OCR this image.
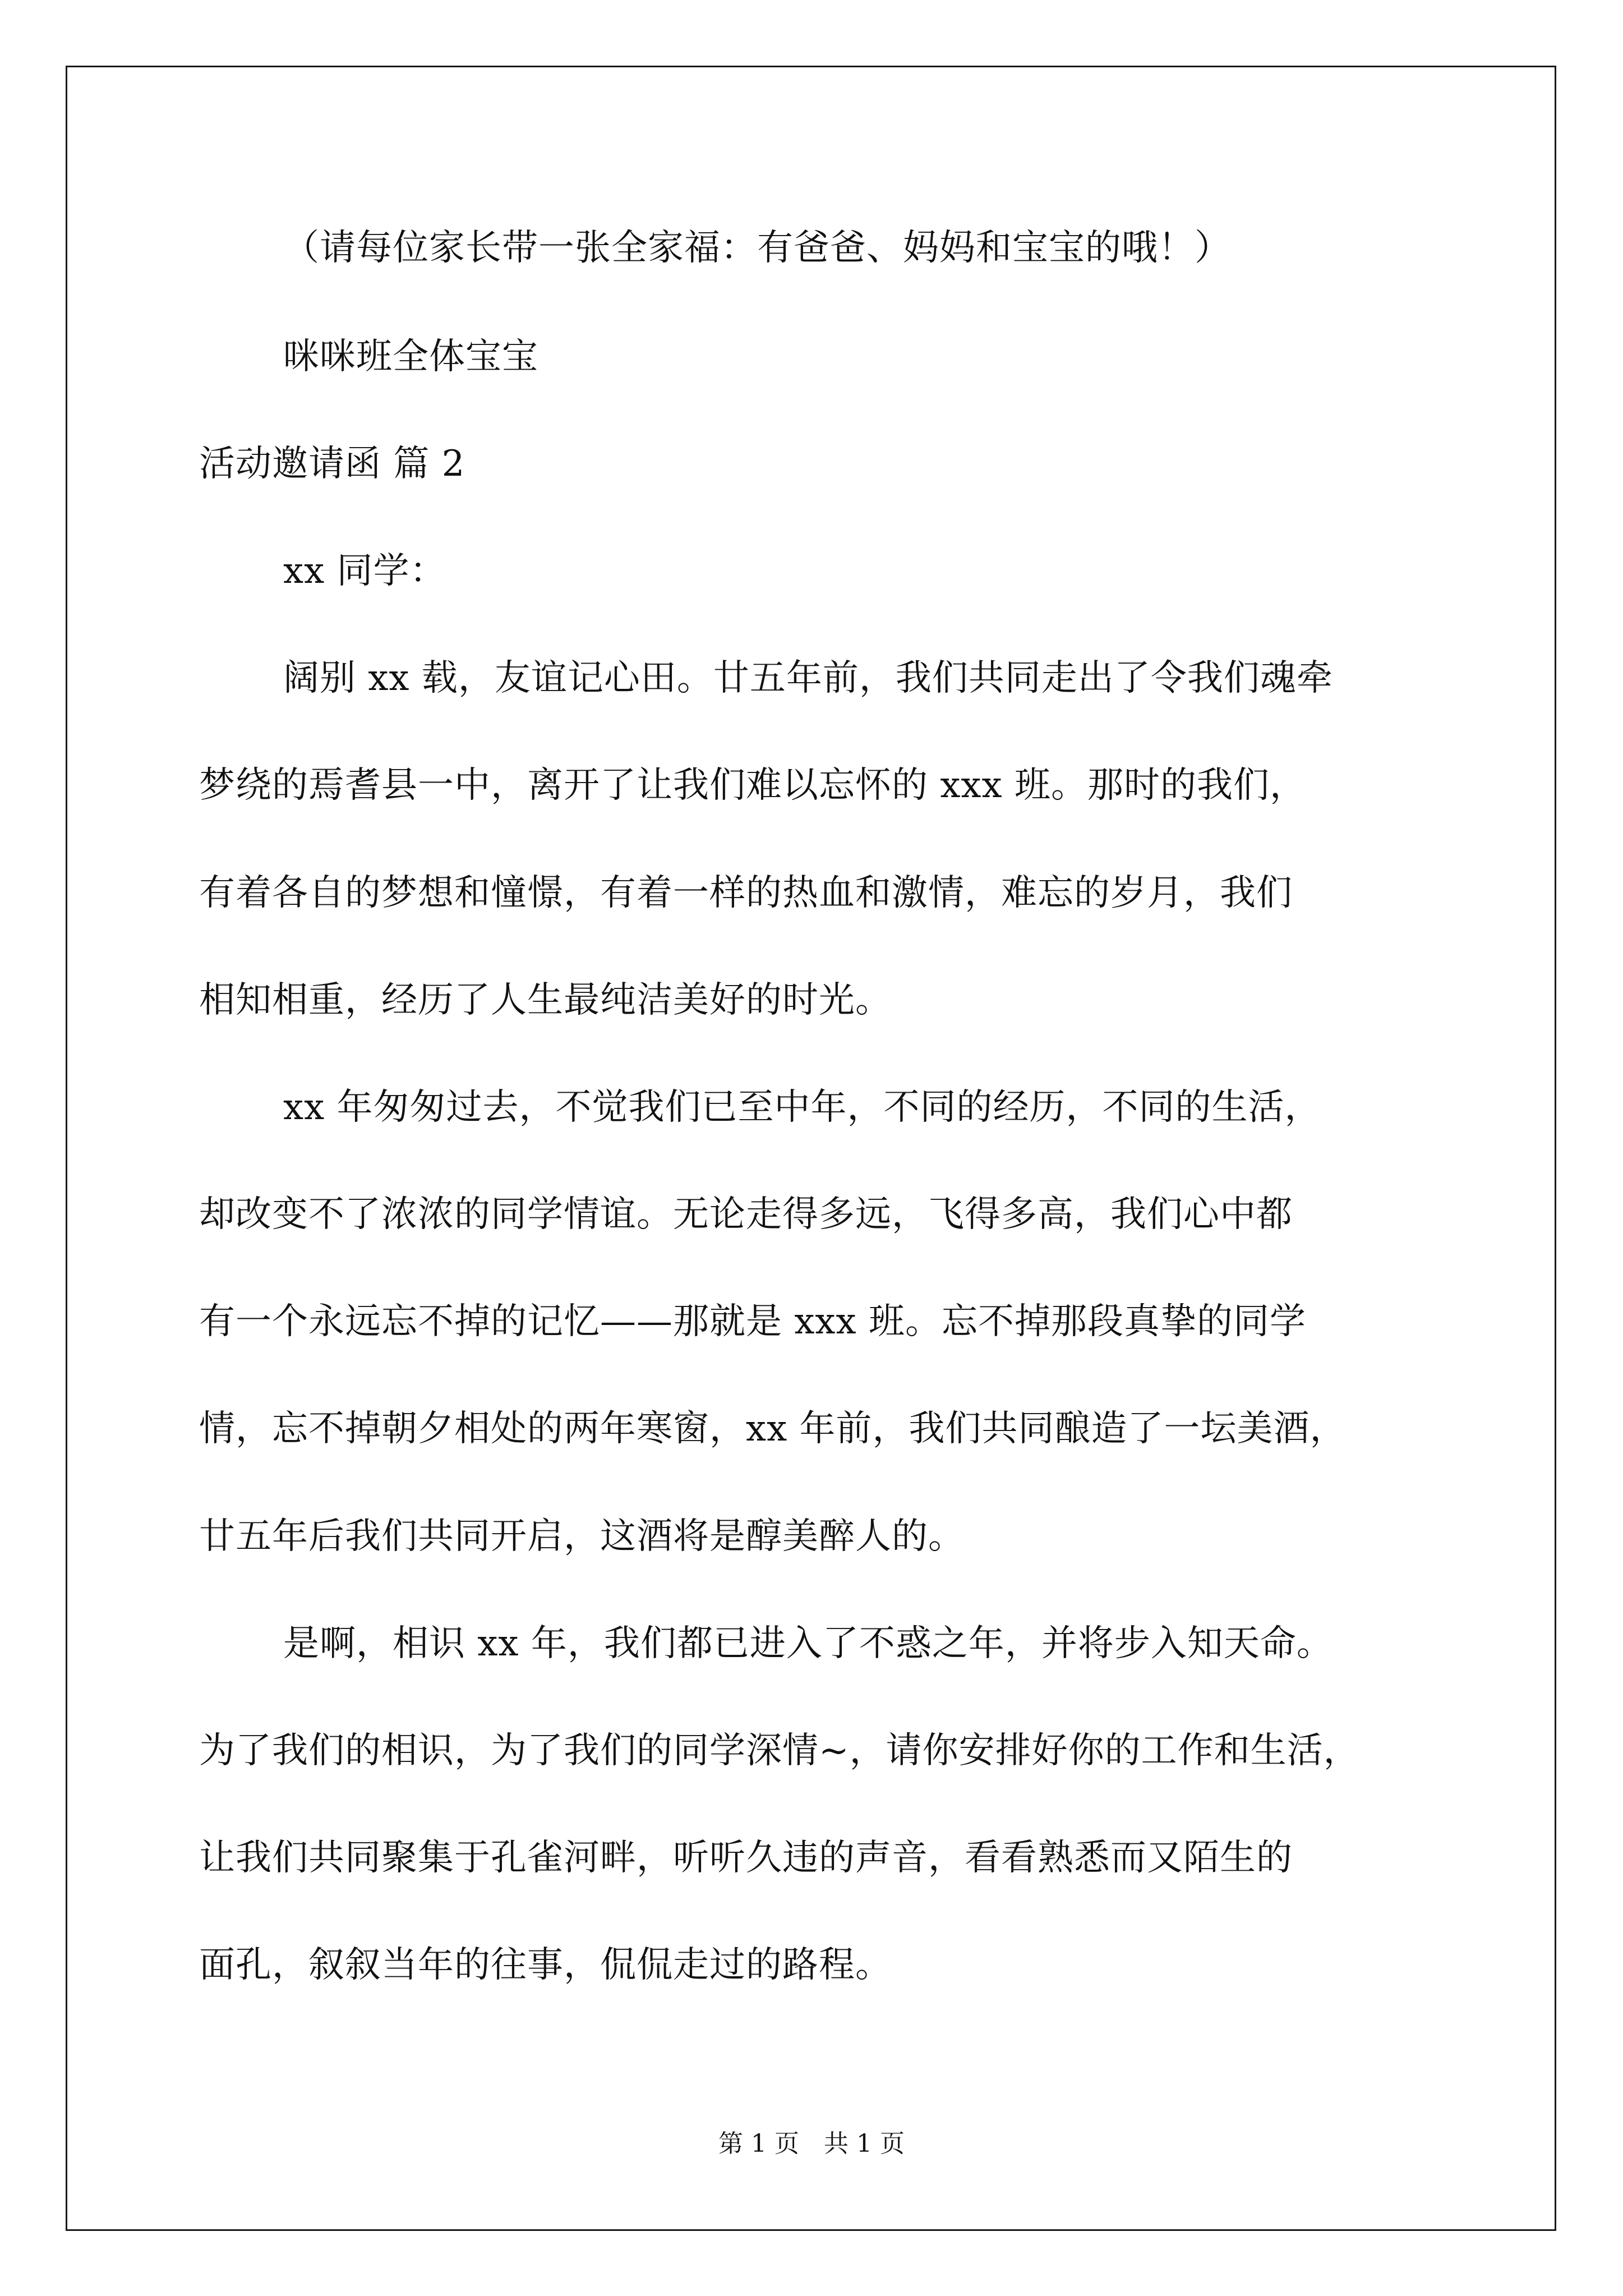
（请每位家长带一张全家福：有爸爸、妈妈和宝宝的哦！）
咪咪班全体宝宝
活动邀请函 篇 2
xx 同学：
阔别 xx 载，友谊记心田。廿五年前，我们共同走出了令我们魂牵
梦绕的焉耆县一中，离开了让我们难以忘怀的 xxx 班。那时的我们，
有着各自的梦想和憧憬，有着一样的热血和激情，难忘的岁月，我们
相知相重，经历了人生最纯洁美好的时光。
xx 年匆匆过去，不觉我们已至中年，不同的经历，不同的生活，
却改变不了浓浓的同学情谊。无论走得多远，飞得多高，我们心中都
有一个永远忘不掉的记忆——那就是 xxx 班。忘不掉那段真挚的同学
情，忘不掉朝夕相处的两年寒窗，xx 年前，我们共同酿造了一坛美酒，
廿五年后我们共同开启，这酒将是醇美醉人的。
是啊，相识 xx 年，我们都已进入了不惑之年，并将步入知天命。
为了我们的相识，为了我们的同学深情~，请你安排好你的工作和生活，
让我们共同聚集于孔雀河畔，听听久违的声音，看看熟悉而又陌生的
面孔，叙叙当年的往事，侃侃走过的路程。
第 1 页　共 1 页
